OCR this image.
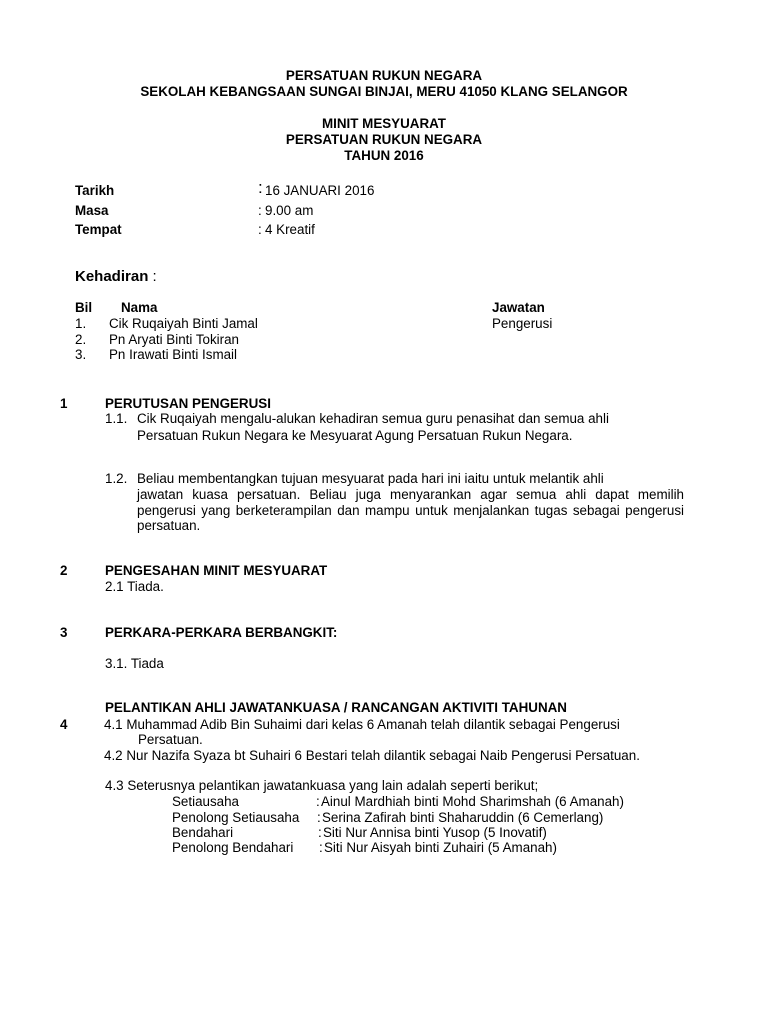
PERSATUAN RUKUN NEGARA
SEKOLAH KEBANGSAAN SUNGAI BINJAI, MERU 41050 KLANG SELANGOR
MINIT MESYUARAT
PERSATUAN RUKUN NEGARA
TAHUN 2016
Tarikh	: 16 JANUARI 2016
Masa	: 9.00 am
Tempat	: 4 Kreatif
Kehadiran :
Bil Nama	Jawatan
1. Cik Ruqaiyah Binti Jamal	Pengerusi
2. Pn Aryati Binti Tokiran
3. Pn Irawati Binti Ismail
1	PERUTUSAN PENGERUSI
1.1. Cik Ruqaiyah mengalu-alukan kehadiran semua guru penasihat dan semua ahli
Persatuan Rukun Negara ke Mesyuarat Agung Persatuan Rukun Negara.
1.2. Beliau membentangkan tujuan mesyuarat pada hari ini iaitu untuk melantik ahli
jawatan kuasa persatuan. Beliau juga menyarankan agar semua ahli dapat memilih pengerusi yang berketerampilan dan mampu untuk menjalankan tugas sebagai pengerusi persatuan.
2	PENGESAHAN MINIT MESYUARAT
2.1 Tiada.
3	PERKARA-PERKARA BERBANGKIT:
3.1. Tiada
PELANTIKAN AHLI JAWATANKUASA / RANCANGAN AKTIVITI TAHUNAN
4	4.1 Muhammad Adib Bin Suhaimi dari kelas 6 Amanah telah dilantik sebagai Pengerusi
Persatuan.
4.2 Nur Nazifa Syaza bt Suhairi 6 Bestari telah dilantik sebagai Naib Pengerusi Persatuan.
4.3 Seterusnya pelantikan jawatankuasa yang lain adalah seperti berikut;
Setiausaha	: Ainul Mardhiah binti Mohd Sharimshah (6 Amanah)
Penolong Setiausaha : Serina Zafirah binti Shaharuddin (6 Cemerlang)
Bendahari	: Siti Nur Annisa binti Yusop (5 Inovatif)
Penolong Bendahari : Siti Nur Aisyah binti Zuhairi (5 Amanah)
